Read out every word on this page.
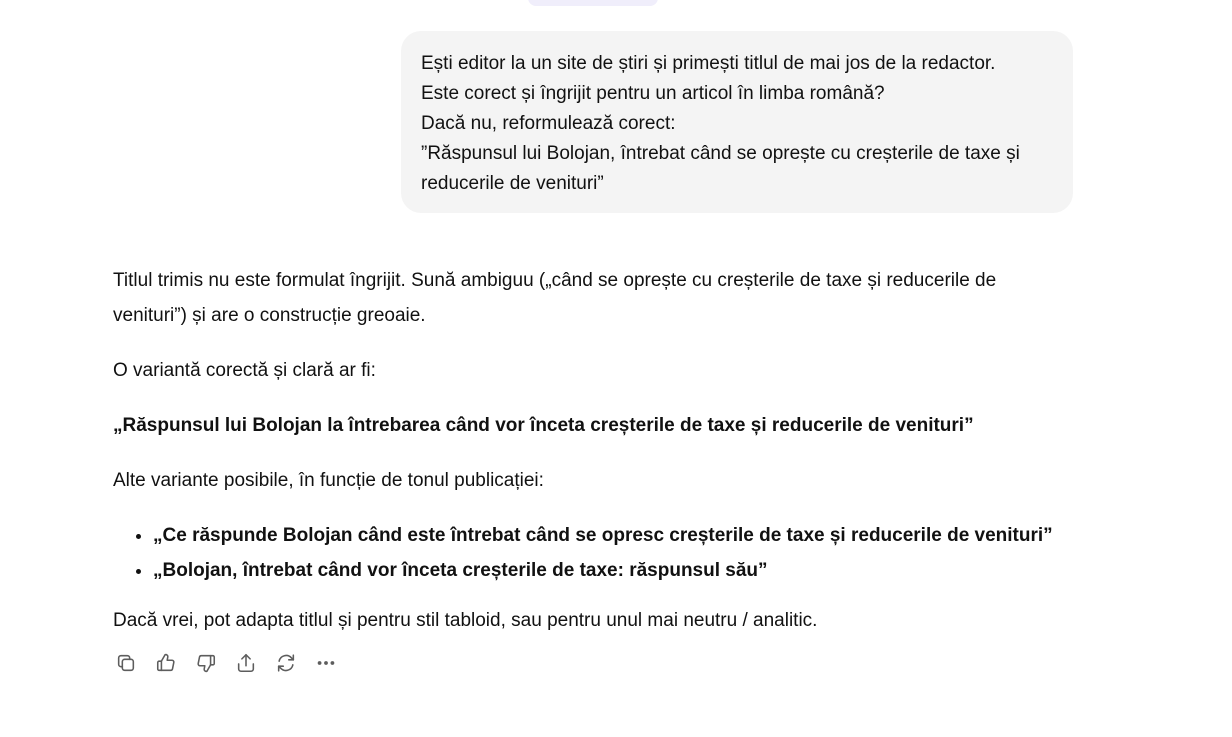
Ești editor la un site de știri și primești titlul de mai jos de la redactor.
Este corect și îngrijit pentru un articol în limba română?
Dacă nu, reformulează corect:
”Răspunsul lui Bolojan, întrebat când se oprește cu creșterile de taxe și reducerile de venituri”

Titlul trimis nu este formulat îngrijit. Sună ambiguu („când se oprește cu creșterile de taxe și reducerile de venituri”) și are o construcție greoaie.

O variantă corectă și clară ar fi:

„Răspunsul lui Bolojan la întrebarea când vor înceta creșterile de taxe și reducerile de venituri”

Alte variante posibile, în funcție de tonul publicației:

• „Ce răspunde Bolojan când este întrebat când se opresc creșterile de taxe și reducerile de venituri”
• „Bolojan, întrebat când vor înceta creșterile de taxe: răspunsul său”

Dacă vrei, pot adapta titlul și pentru stil tabloid, sau pentru unul mai neutru / analitic.
